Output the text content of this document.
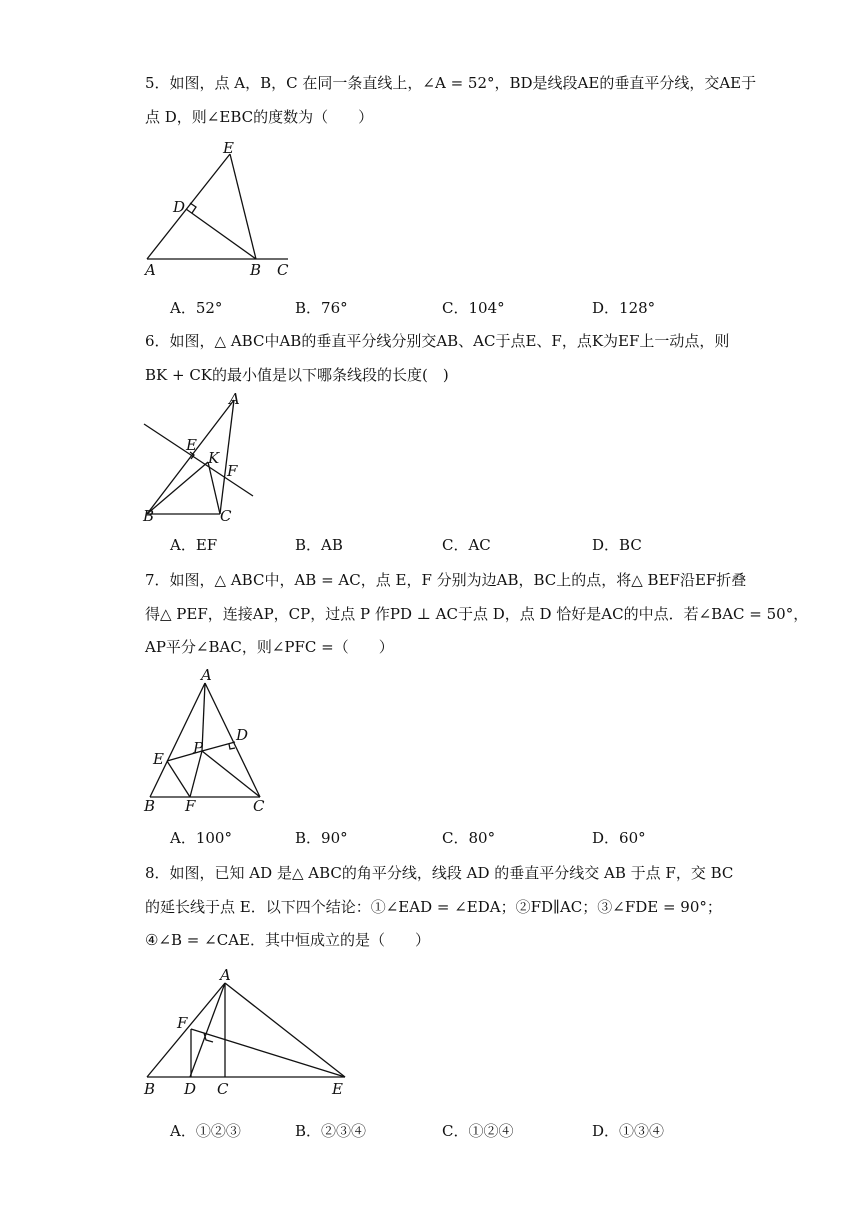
5．如图，点 A，B，C 在同一条直线上，∠A = 52°，BD是线段AE的垂直平分线，交AE于
点 D，则∠EBC的度数为（　　）
E
D
A	B C
A．52°	B．76°	C．104°	D．128°
6．如图，△ ABC中AB的垂直平分线分别交AB、AC于点E、F，点K为EF上一动点，则
BK + CK的最小值是以下哪条线段的长度(　)
A
E
K
F
B	C
A．EF	B．AB	C．AC	D．BC
7．如图，△ ABC中，AB = AC，点 E，F 分别为边AB，BC上的点，将△ BEF沿EF折叠
得△ PEF，连接AP，CP，过点 P 作PD ⊥ AC于点 D，点 D 恰好是AC的中点．若∠BAC = 50°，
AP平分∠BAC，则∠PFC =（　　）
A
D
P
E
B F	C
A．100°	B．90°	C．80°	D．60°
8．如图，已知 AD 是△ ABC的角平分线，线段 AD 的垂直平分线交 AB 于点 F，交 BC
的延长线于点 E．以下四个结论：①∠EAD = ∠EDA；②FD∥AC；③∠FDE = 90°；
④∠B = ∠CAE．其中恒成立的是（　　）
A
F
B D C	E
A．①②③	B．②③④	C．①②④	D．①③④
